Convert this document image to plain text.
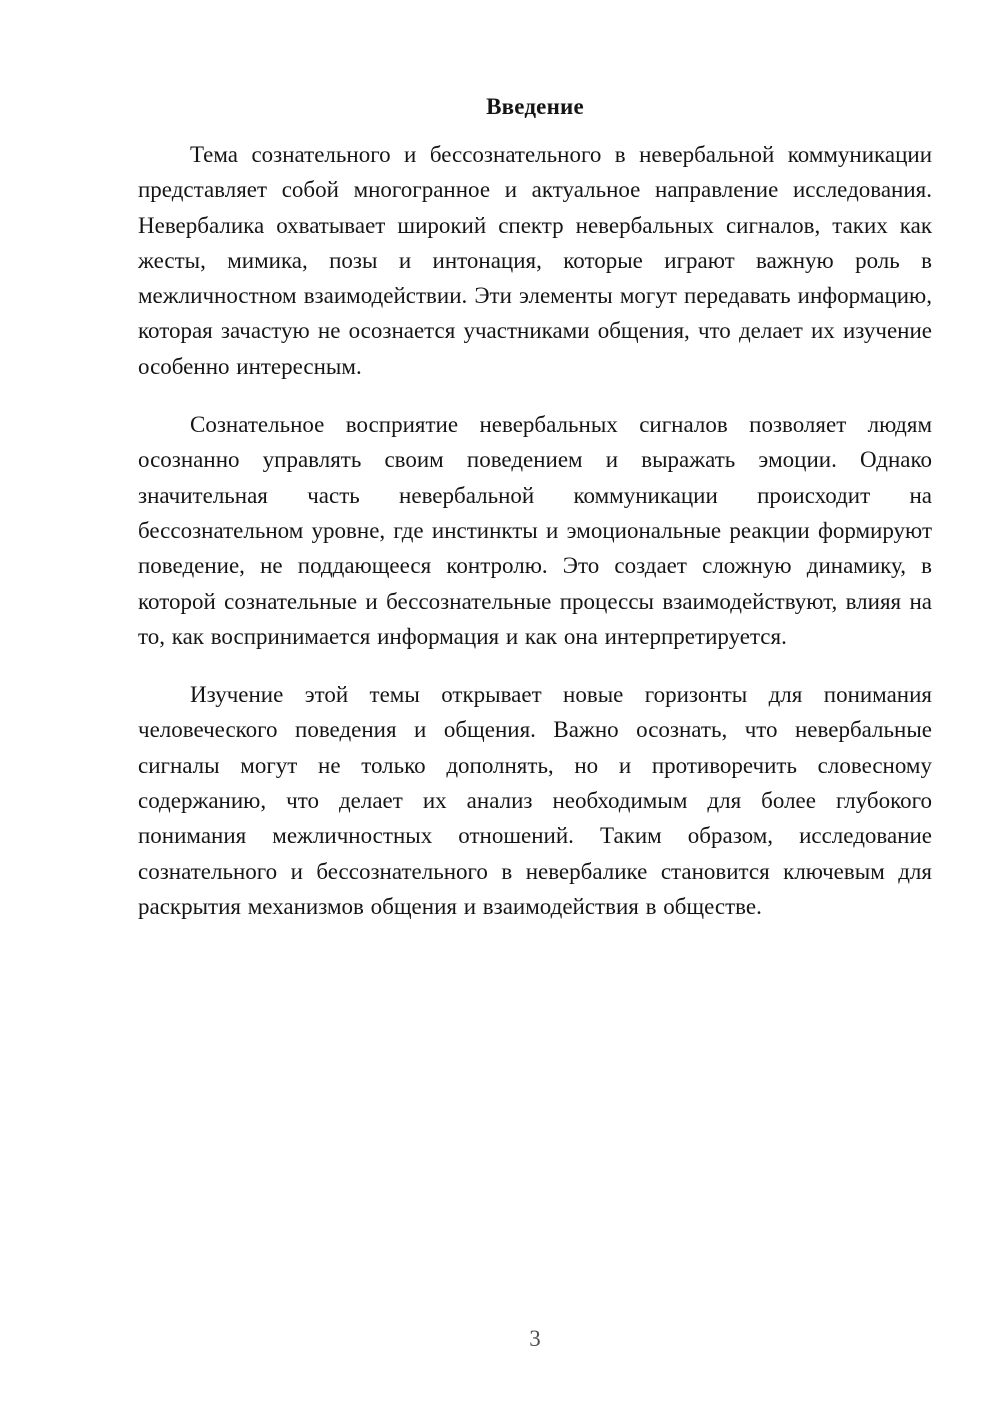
Введение

Тема сознательного и бессознательного в невербальной коммуникации представляет собой многогранное и актуальное направление исследования. Невербалика охватывает широкий спектр невербальных сигналов, таких как жесты, мимика, позы и интонация, которые играют важную роль в межличностном взаимодействии. Эти элементы могут передавать информацию, которая зачастую не осознается участниками общения, что делает их изучение особенно интересным.

Сознательное восприятие невербальных сигналов позволяет людям осознанно управлять своим поведением и выражать эмоции. Однако значительная часть невербальной коммуникации происходит на бессознательном уровне, где инстинкты и эмоциональные реакции формируют поведение, не поддающееся контролю. Это создает сложную динамику, в которой сознательные и бессознательные процессы взаимодействуют, влияя на то, как воспринимается информация и как она интерпретируется.

Изучение этой темы открывает новые горизонты для понимания человеческого поведения и общения. Важно осознать, что невербальные сигналы могут не только дополнять, но и противоречить словесному содержанию, что делает их анализ необходимым для более глубокого понимания межличностных отношений. Таким образом, исследование сознательного и бессознательного в невербалике становится ключевым для раскрытия механизмов общения и взаимодействия в обществе.

3
